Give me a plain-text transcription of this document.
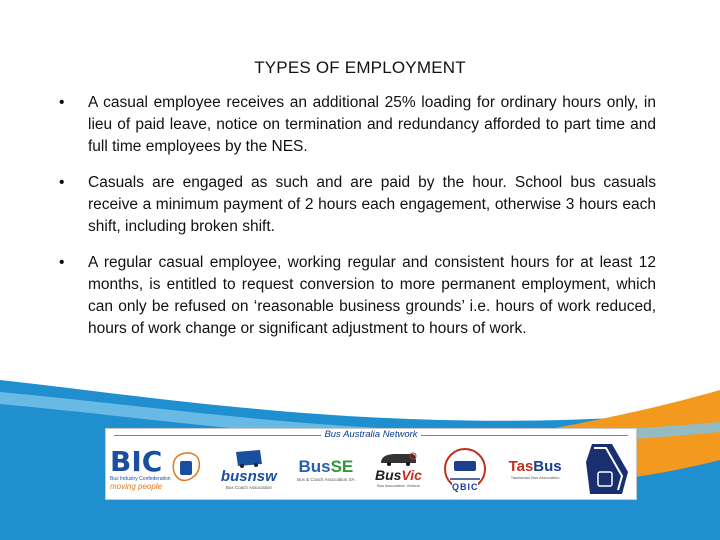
TYPES OF EMPLOYMENT
• A casual employee receives an additional 25% loading for ordinary hours only, in lieu of paid leave, notice on termination and redundancy afforded to part time and full time employees by the NES.
• Casuals are engaged as such and are paid by the hour. School bus casuals receive a minimum payment of 2 hours each engagement, otherwise 3 hours each shift, including broken shift.
• A regular casual employee, working regular and consistent hours for at least 12 months, is entitled to request conversion to more permanent employment, which can only be refused on ‘reasonable business grounds’ i.e. hours of work reduced, hours of work change or significant adjustment to hours of work.
Bus Australia Network
BIC
Bus Industry Confederation
moving people
busnsw
Bus Coach Association
BusSE
Bus & Coach Association SA BusVic
Bus Association Victoria	QBIC
TasBus
Tasmanian Bus Association
